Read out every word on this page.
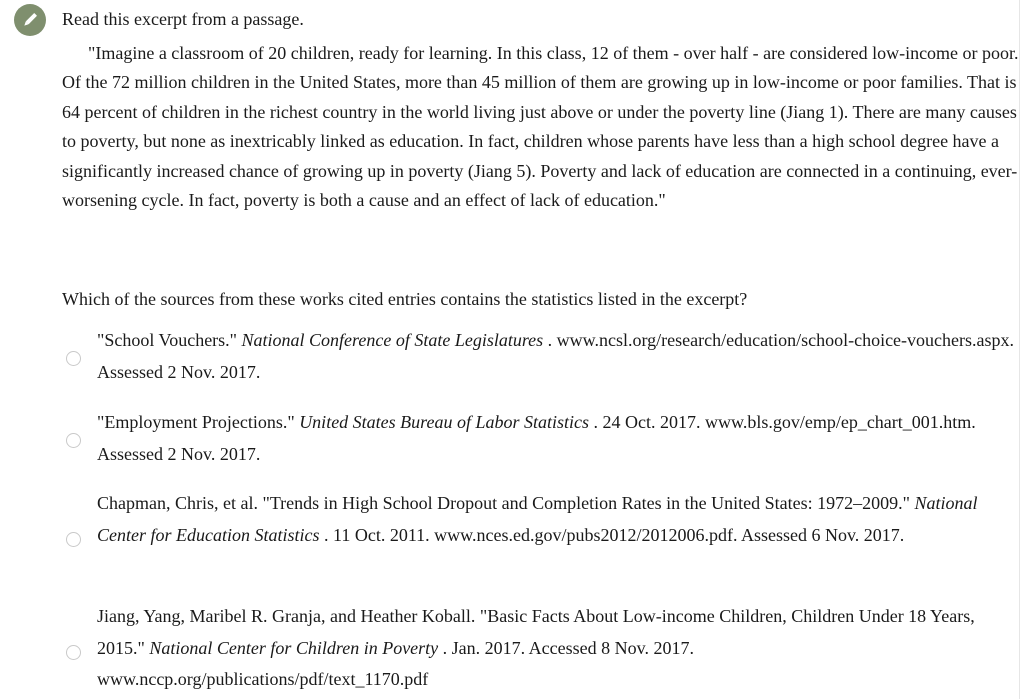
Read this excerpt from a passage.

"Imagine a classroom of 20 children, ready for learning. In this class, 12 of them - over half - are considered low-income or poor. Of the 72 million children in the United States, more than 45 million of them are growing up in low-income or poor families. That is 64 percent of children in the richest country in the world living just above or under the poverty line (Jiang 1). There are many causes to poverty, but none as inextricably linked as education. In fact, children whose parents have less than a high school degree have a significantly increased chance of growing up in poverty (Jiang 5). Poverty and lack of education are connected in a continuing, ever-worsening cycle. In fact, poverty is both a cause and an effect of lack of education."

Which of the sources from these works cited entries contains the statistics listed in the excerpt?
"School Vouchers." National Conference of State Legislatures . www.ncsl.org/research/education/school-choice-vouchers.aspx. Assessed 2 Nov. 2017.
"Employment Projections." United States Bureau of Labor Statistics . 24 Oct. 2017. www.bls.gov/emp/ep_chart_001.htm. Assessed 2 Nov. 2017.
Chapman, Chris, et al. "Trends in High School Dropout and Completion Rates in the United States: 1972–2009." National Center for Education Statistics . 11 Oct. 2011. www.nces.ed.gov/pubs2012/2012006.pdf. Assessed 6 Nov. 2017.
Jiang, Yang, Maribel R. Granja, and Heather Koball. "Basic Facts About Low-income Children, Children Under 18 Years, 2015." National Center for Children in Poverty . Jan. 2017. Accessed 8 Nov. 2017. www.nccp.org/publications/pdf/text_1170.pdf
